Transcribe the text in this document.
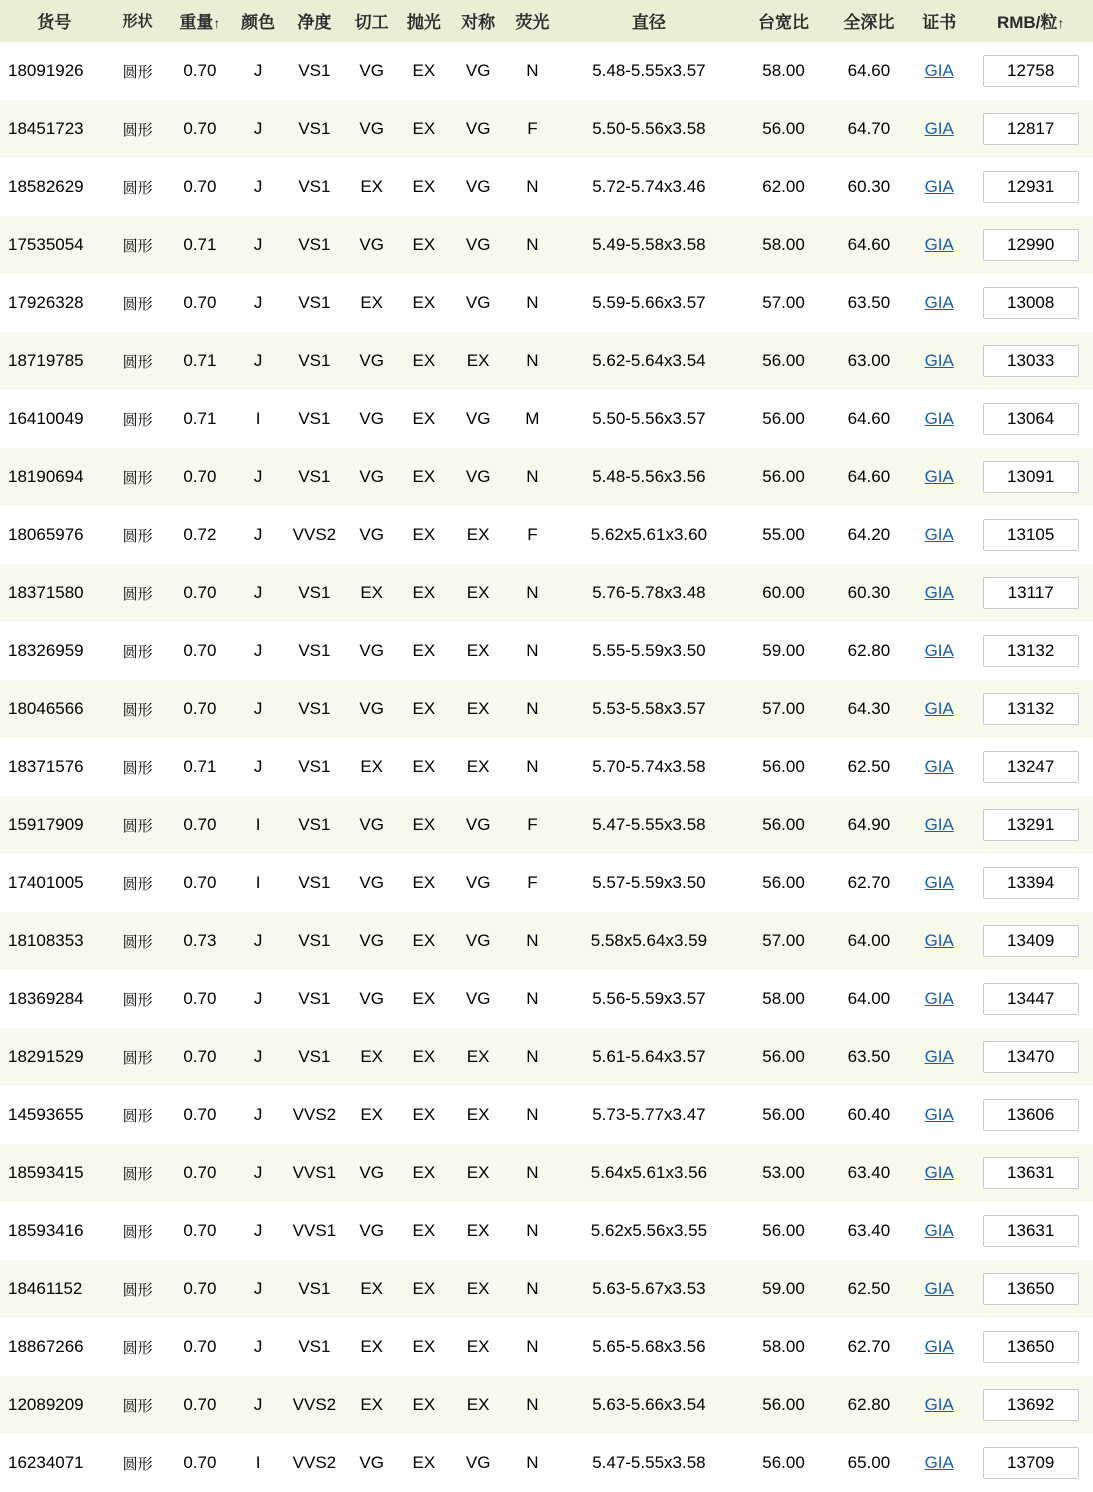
货号	形状	重量↑	颜色	净度	切工	抛光	对称	荧光	直径	台宽比	全深比	证书	RMB/粒↑
18091926	圆形	0.70	J	VS1	VG	EX	VG	N	5.48-5.55x3.57	58.00	64.60	GIA	12758
18451723	圆形	0.70	J	VS1	VG	EX	VG	F	5.50-5.56x3.58	56.00	64.70	GIA	12817
18582629	圆形	0.70	J	VS1	EX	EX	VG	N	5.72-5.74x3.46	62.00	60.30	GIA	12931
17535054	圆形	0.71	J	VS1	VG	EX	VG	N	5.49-5.58x3.58	58.00	64.60	GIA	12990
17926328	圆形	0.70	J	VS1	EX	EX	VG	N	5.59-5.66x3.57	57.00	63.50	GIA	13008
18719785	圆形	0.71	J	VS1	VG	EX	EX	N	5.62-5.64x3.54	56.00	63.00	GIA	13033
16410049	圆形	0.71	I	VS1	VG	EX	VG	M	5.50-5.56x3.57	56.00	64.60	GIA	13064
18190694	圆形	0.70	J	VS1	VG	EX	VG	N	5.48-5.56x3.56	56.00	64.60	GIA	13091
18065976	圆形	0.72	J	VVS2	VG	EX	EX	F	5.62x5.61x3.60	55.00	64.20	GIA	13105
18371580	圆形	0.70	J	VS1	EX	EX	EX	N	5.76-5.78x3.48	60.00	60.30	GIA	13117
18326959	圆形	0.70	J	VS1	VG	EX	EX	N	5.55-5.59x3.50	59.00	62.80	GIA	13132
18046566	圆形	0.70	J	VS1	VG	EX	EX	N	5.53-5.58x3.57	57.00	64.30	GIA	13132
18371576	圆形	0.71	J	VS1	EX	EX	EX	N	5.70-5.74x3.58	56.00	62.50	GIA	13247
15917909	圆形	0.70	I	VS1	VG	EX	VG	F	5.47-5.55x3.58	56.00	64.90	GIA	13291
17401005	圆形	0.70	I	VS1	VG	EX	VG	F	5.57-5.59x3.50	56.00	62.70	GIA	13394
18108353	圆形	0.73	J	VS1	VG	EX	VG	N	5.58x5.64x3.59	57.00	64.00	GIA	13409
18369284	圆形	0.70	J	VS1	VG	EX	VG	N	5.56-5.59x3.57	58.00	64.00	GIA	13447
18291529	圆形	0.70	J	VS1	EX	EX	EX	N	5.61-5.64x3.57	56.00	63.50	GIA	13470
14593655	圆形	0.70	J	VVS2	EX	EX	EX	N	5.73-5.77x3.47	56.00	60.40	GIA	13606
18593415	圆形	0.70	J	VVS1	VG	EX	EX	N	5.64x5.61x3.56	53.00	63.40	GIA	13631
18593416	圆形	0.70	J	VVS1	VG	EX	EX	N	5.62x5.56x3.55	56.00	63.40	GIA	13631
18461152	圆形	0.70	J	VS1	EX	EX	EX	N	5.63-5.67x3.53	59.00	62.50	GIA	13650
18867266	圆形	0.70	J	VS1	EX	EX	EX	N	5.65-5.68x3.56	58.00	62.70	GIA	13650
12089209	圆形	0.70	J	VVS2	EX	EX	EX	N	5.63-5.66x3.54	56.00	62.80	GIA	13692
16234071	圆形	0.70	I	VVS2	VG	EX	VG	N	5.47-5.55x3.58	56.00	65.00	GIA	13709
